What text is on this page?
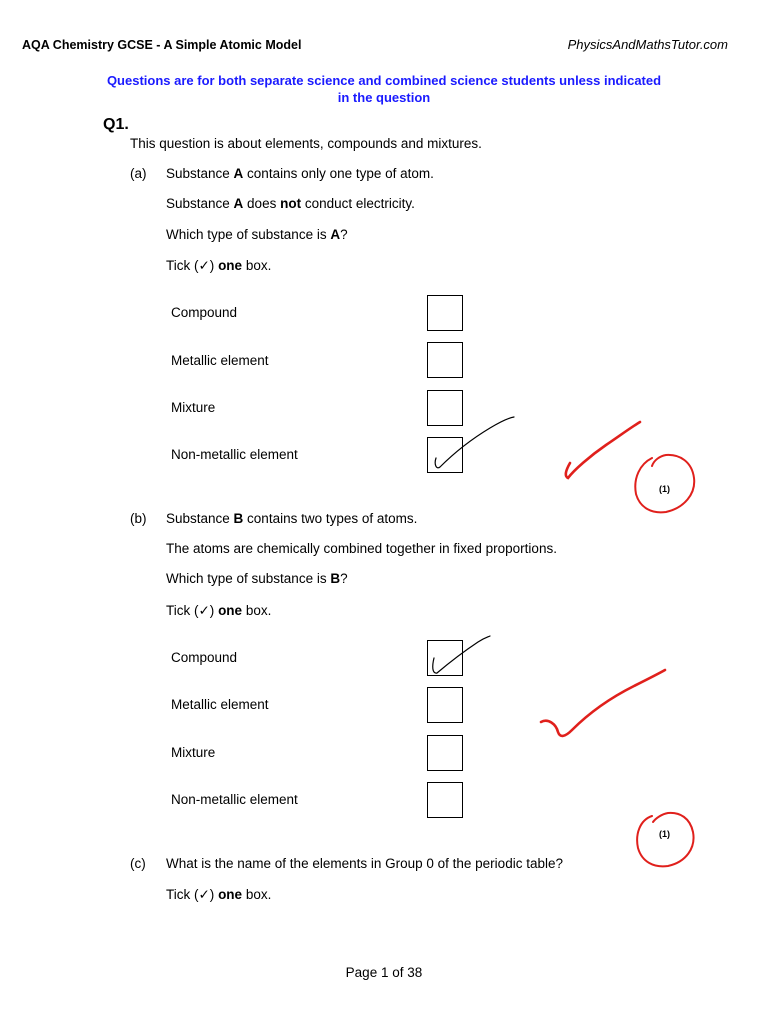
AQA Chemistry GCSE - A Simple Atomic Model	PhysicsAndMathsTutor.com
Questions are for both separate science and combined science students unless indicated
in the question
Q1.
This question is about elements, compounds and mixtures.
(a) Substance A contains only one type of atom.
Substance A does not conduct electricity.
Which type of substance is A?
Tick (✓) one box.
Compound
Metallic element
Mixture
Non-metallic element
(1)
(b) Substance B contains two types of atoms.
The atoms are chemically combined together in fixed proportions.
Which type of substance is B?
Tick (✓) one box.
Compound
Metallic element
Mixture
Non-metallic element
(1)
(c) What is the name of the elements in Group 0 of the periodic table?
Tick (✓) one box.
Page 1 of 38
